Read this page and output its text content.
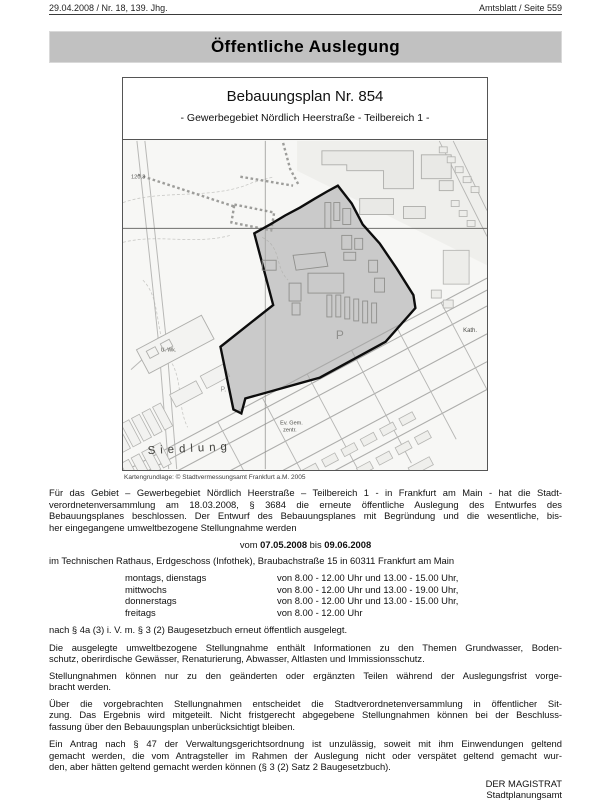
29.04.2008 / Nr. 18, 139. Jhg.	Amtsblatt / Seite 559
Öffentliche Auslegung
Bebauungsplan Nr. 854
- Gewerbegebiet Nördlich Heerstraße - Teilbereich 1 -
120,3
U. Wk.
P
P.
Ev. Gem.
zentr.
Siedlung
Kath.
Kartengrundlage: © Stadtvermessungsamt Frankfurt a.M. 2005
Für das Gebiet – Gewerbegebiet Nördlich Heerstraße – Teilbereich 1 - in Frankfurt am Main - hat die Stadt-
verordnetenversammlung am 18.03.2008, § 3684 die erneute öffentliche Auslegung des Entwurfes des
Bebauungsplanes beschlossen. Der Entwurf des Bebauungsplanes mit Begründung und die wesentliche, bis-
her eingegangene umweltbezogene Stellungnahme werden
vom 07.05.2008 bis 09.06.2008
im Technischen Rathaus, Erdgeschoss (Infothek), Braubachstraße 15 in 60311 Frankfurt am Main
montags, dienstags	von 8.00 - 12.00 Uhr und 13.00 - 15.00 Uhr,
mittwochs	von 8.00 - 12.00 Uhr und 13.00 - 19.00 Uhr,
donnerstags	von 8.00 - 12.00 Uhr und 13.00 - 15.00 Uhr,
freitags	von 8.00 - 12.00 Uhr
nach § 4a (3) i. V. m. § 3 (2) Baugesetzbuch erneut öffentlich ausgelegt.
Die ausgelegte umweltbezogene Stellungnahme enthält Informationen zu den Themen Grundwasser, Boden-
schutz, oberirdische Gewässer, Renaturierung, Abwasser, Altlasten und Immissionsschutz.
Stellungnahmen können nur zu den geänderten oder ergänzten Teilen während der Auslegungsfrist vorge-
bracht werden.
Über die vorgebrachten Stellungnahmen entscheidet die Stadtverordnetenversammlung in öffentlicher Sit-
zung. Das Ergebnis wird mitgeteilt. Nicht fristgerecht abgegebene Stellungnahmen können bei der Beschluss-
fassung über den Bebauungsplan unberücksichtigt bleiben.
Ein Antrag nach § 47 der Verwaltungsgerichtsordnung ist unzulässig, soweit mit ihm Einwendungen geltend
gemacht werden, die vom Antragsteller im Rahmen der Auslegung nicht oder verspätet geltend gemacht wur-
den, aber hätten geltend gemacht werden können (§ 3 (2) Satz 2 Baugesetzbuch).
DER MAGISTRAT
Stadtplanungsamt
